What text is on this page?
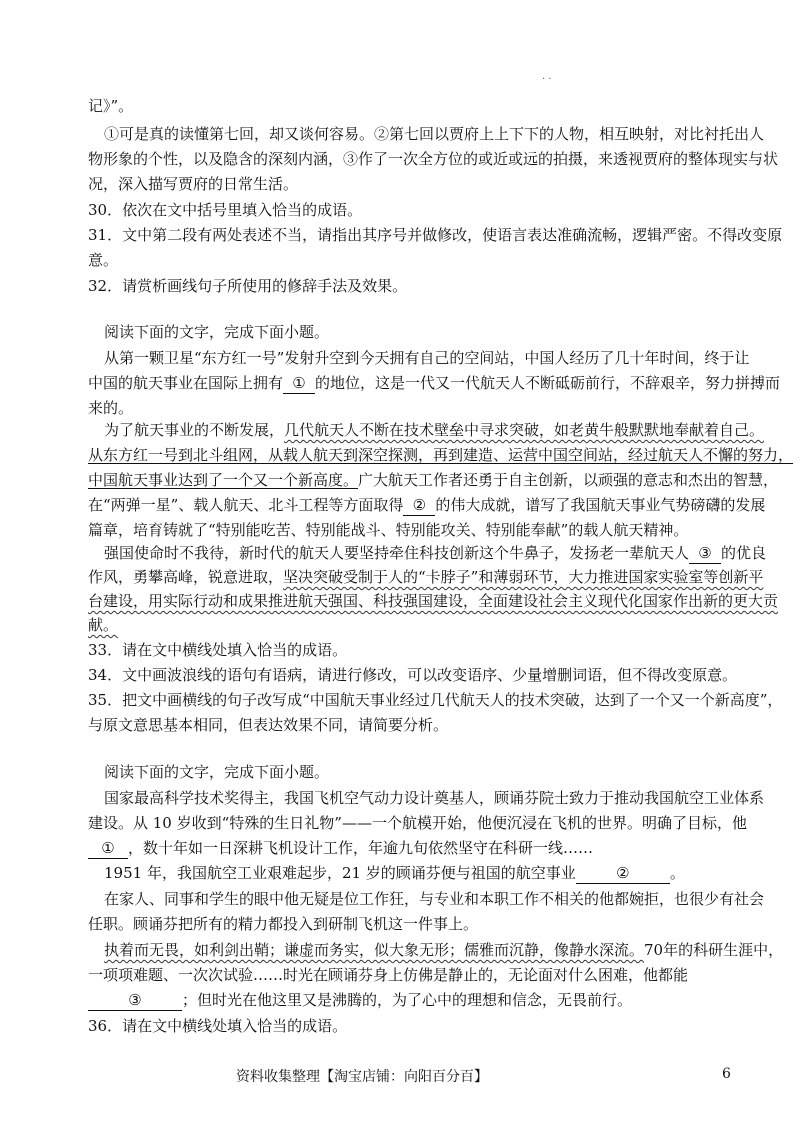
· ·
记》”。
①可是真的读懂第七回，却又谈何容易。②第七回以贾府上上下下的人物，相互映射，对比衬托出人
物形象的个性，以及隐含的深刻内涵，③作了一次全方位的或近或远的拍摄，来透视贾府的整体现实与状
况，深入描写贾府的日常生活。
30．依次在文中括号里填入恰当的成语。
31．文中第二段有两处表述不当，请指出其序号并做修改，使语言表达准确流畅，逻辑严密。不得改变原
意。
32．请赏析画线句子所使用的修辞手法及效果。
阅读下面的文字，完成下面小题。
从第一颗卫星“东方红一号”发射升空到今天拥有自己的空间站，中国人经历了几十年时间，终于让
中国的航天事业在国际上拥有 ① 的地位，这是一代又一代航天人不断砥砺前行，不辞艰辛，努力拼搏而
来的。
为了航天事业的不断发展，几代航天人不断在技术壁垒中寻求突破，如老黄牛般默默地奉献着自己。
从东方红一号到北斗组网，从载人航天到深空探测，再到建造、运营中国空间站，经过航天人不懈的努力，
中国航天事业达到了一个又一个新高度。广大航天工作者还勇于自主创新，以顽强的意志和杰出的智慧，
在“两弹一星”、载人航天、北斗工程等方面取得 ② 的伟大成就，谱写了我国航天事业气势磅礴的发展
篇章，培育铸就了“特别能吃苦、特别能战斗、特别能攻关、特别能奉献”的载人航天精神。
强国使命时不我待，新时代的航天人要坚持牵住科技创新这个牛鼻子，发扬老一辈航天人 ③ 的优良
作风，勇攀高峰，锐意进取，坚决突破受制于人的“卡脖子”和薄弱环节，大力推进国家实验室等创新平
台建设，用实际行动和成果推进航天强国、科技强国建设，全面建设社会主义现代化国家作出新的更大贡
献。
33．请在文中横线处填入恰当的成语。
34．文中画波浪线的语句有语病，请进行修改，可以改变语序、少量增删词语，但不得改变原意。
35．把文中画横线的句子改写成“中国航天事业经过几代航天人的技术突破，达到了一个又一个新高度”，
与原文意思基本相同，但表达效果不同，请简要分析。
阅读下面的文字，完成下面小题。
国家最高科学技术奖得主，我国飞机空气动力设计奠基人，顾诵芬院士致力于推动我国航空工业体系
建设。从 10 岁收到“特殊的生日礼物”——一个航模开始，他便沉浸在飞机的世界。明确了目标，他
① ，数十年如一日深耕飞机设计工作，年逾九旬依然坚守在科研一线……
1951 年，我国航空工业艰难起步，21 岁的顾诵芬便与祖国的航空事业	②	。
在家人、同事和学生的眼中他无疑是位工作狂，与专业和本职工作不相关的他都婉拒，也很少有社会
任职。顾诵芬把所有的精力都投入到研制飞机这一件事上。
执着而无畏，如利剑出鞘；谦虚而务实，似大象无形；儒雅而沉静，像静水深流。70年的科研生涯中，
一项项难题、一次次试验……时光在顾诵芬身上仿佛是静止的，无论面对什么困难，他都能
③	；但时光在他这里又是沸腾的，为了心中的理想和信念，无畏前行。
36．请在文中横线处填入恰当的成语。
资料收集整理【淘宝店铺：向阳百分百】	6
